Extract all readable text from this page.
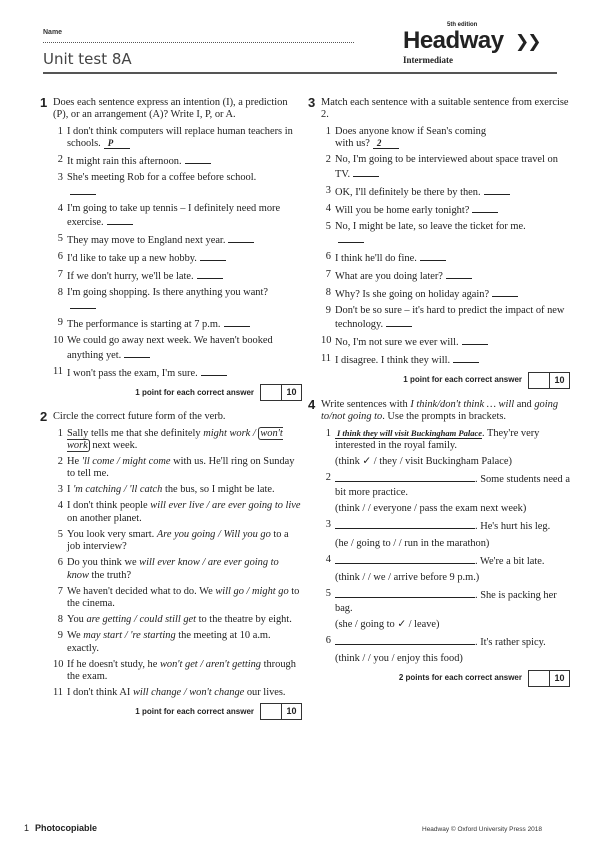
Name
Unit test 8A
5th edition
Headway ❯❯
Intermediate
1 Does each sentence express an intention (I), a prediction (P), or an arrangement (A)? Write I, P, or A.
1 I don't think computers will replace human teachers in schools. P
2 It might rain this afternoon.
3 She's meeting Rob for a coffee before school.

4 I'm going to take up tennis – I definitely need more exercise.
5 They may move to England next year.
6 I'd like to take up a new hobby.
7 If we don't hurry, we'll be late.
8 I'm going shopping. Is there anything you want?

9 The performance is starting at 7 p.m.
10 We could go away next week. We haven't booked anything yet.
11 I won't pass the exam, I'm sure.
1 point for each correct answer	10
2 Circle the correct future form of the verb.
1 Sally tells me that she definitely might work / won't work next week.
2 He 'll come / might come with us. He'll ring on Sunday to tell me.
3 I 'm catching / 'll catch the bus, so I might be late.
4 I don't think people will ever live / are ever going to live on another planet.
5 You look very smart. Are you going / Will you go to a job interview?
6 Do you think we will ever know / are ever going to know the truth?
7 We haven't decided what to do. We will go / might go to the cinema.
8 You are getting / could still get to the theatre by eight.
9 We may start / 're starting the meeting at 10 a.m. exactly.
10 If he doesn't study, he won't get / aren't getting through the exam.
11 I don't think AI will change / won't change our lives.
1 point for each correct answer	10
3 Match each sentence with a suitable sentence from exercise 2.
1 Does anyone know if Sean's coming
with us? 2
2 No, I'm going to be interviewed about space travel on TV.
3 OK, I'll definitely be there by then.
4 Will you be home early tonight?
5 No, I might be late, so leave the ticket for me.

6 I think he'll do fine.
7 What are you doing later?
8 Why? Is she going on holiday again?
9 Don't be so sure – it's hard to predict the impact of new technology.
10 No, I'm not sure we ever will.
11 I disagree. I think they will.
1 point for each correct answer	10
4 Write sentences with I think/don't think … will and going to/not going to. Use the prompts in brackets.
1 I think they will visit Buckingham Palace. They're very interested in the royal family.
(think ✓ / they / visit Buckingham Palace)
2	. Some students need a bit more practice.
(think / / everyone / pass the exam next week)
3	. He's hurt his leg.
(he / going to / / run in the marathon)
4	. We're a bit late.
(think / / we / arrive before 9 p.m.)
5	. She is packing her bag.
(she / going to ✓ / leave)
6	. It's rather spicy.
(think / / you / enjoy this food)
2 points for each correct answer	10
1 Photocopiable	Headway © Oxford University Press 2018
